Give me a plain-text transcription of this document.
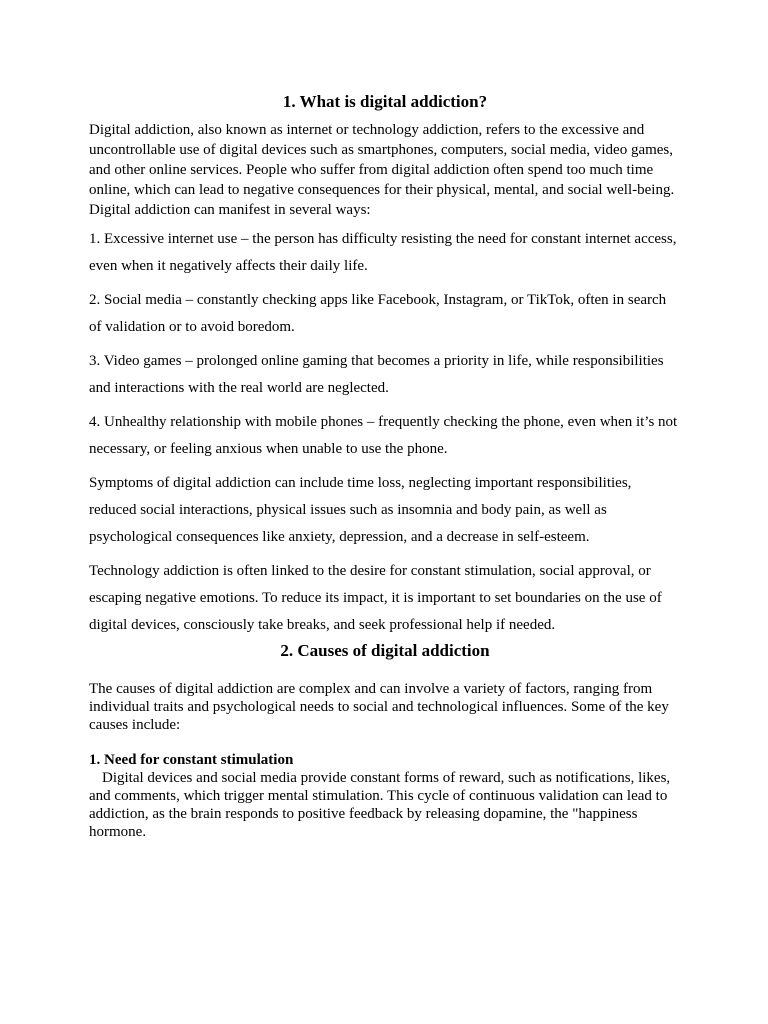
1. What is digital addiction?

Digital addiction, also known as internet or technology addiction, refers to the excessive and uncontrollable use of digital devices such as smartphones, computers, social media, video games, and other online services. People who suffer from digital addiction often spend too much time online, which can lead to negative consequences for their physical, mental, and social well-being. Digital addiction can manifest in several ways:

1. Excessive internet use – the person has difficulty resisting the need for constant internet access, even when it negatively affects their daily life.

2. Social media – constantly checking apps like Facebook, Instagram, or TikTok, often in search of validation or to avoid boredom.

3. Video games – prolonged online gaming that becomes a priority in life, while responsibilities and interactions with the real world are neglected.

4. Unhealthy relationship with mobile phones – frequently checking the phone, even when it’s not necessary, or feeling anxious when unable to use the phone.

Symptoms of digital addiction can include time loss, neglecting important responsibilities, reduced social interactions, physical issues such as insomnia and body pain, as well as psychological consequences like anxiety, depression, and a decrease in self-esteem.

Technology addiction is often linked to the desire for constant stimulation, social approval, or escaping negative emotions. To reduce its impact, it is important to set boundaries on the use of digital devices, consciously take breaks, and seek professional help if needed.

2. Causes of digital addiction

The causes of digital addiction are complex and can involve a variety of factors, ranging from individual traits and psychological needs to social and technological influences. Some of the key causes include:

1. Need for constant stimulation
Digital devices and social media provide constant forms of reward, such as notifications, likes, and comments, which trigger mental stimulation. This cycle of continuous validation can lead to addiction, as the brain responds to positive feedback by releasing dopamine, the "happiness hormone.
